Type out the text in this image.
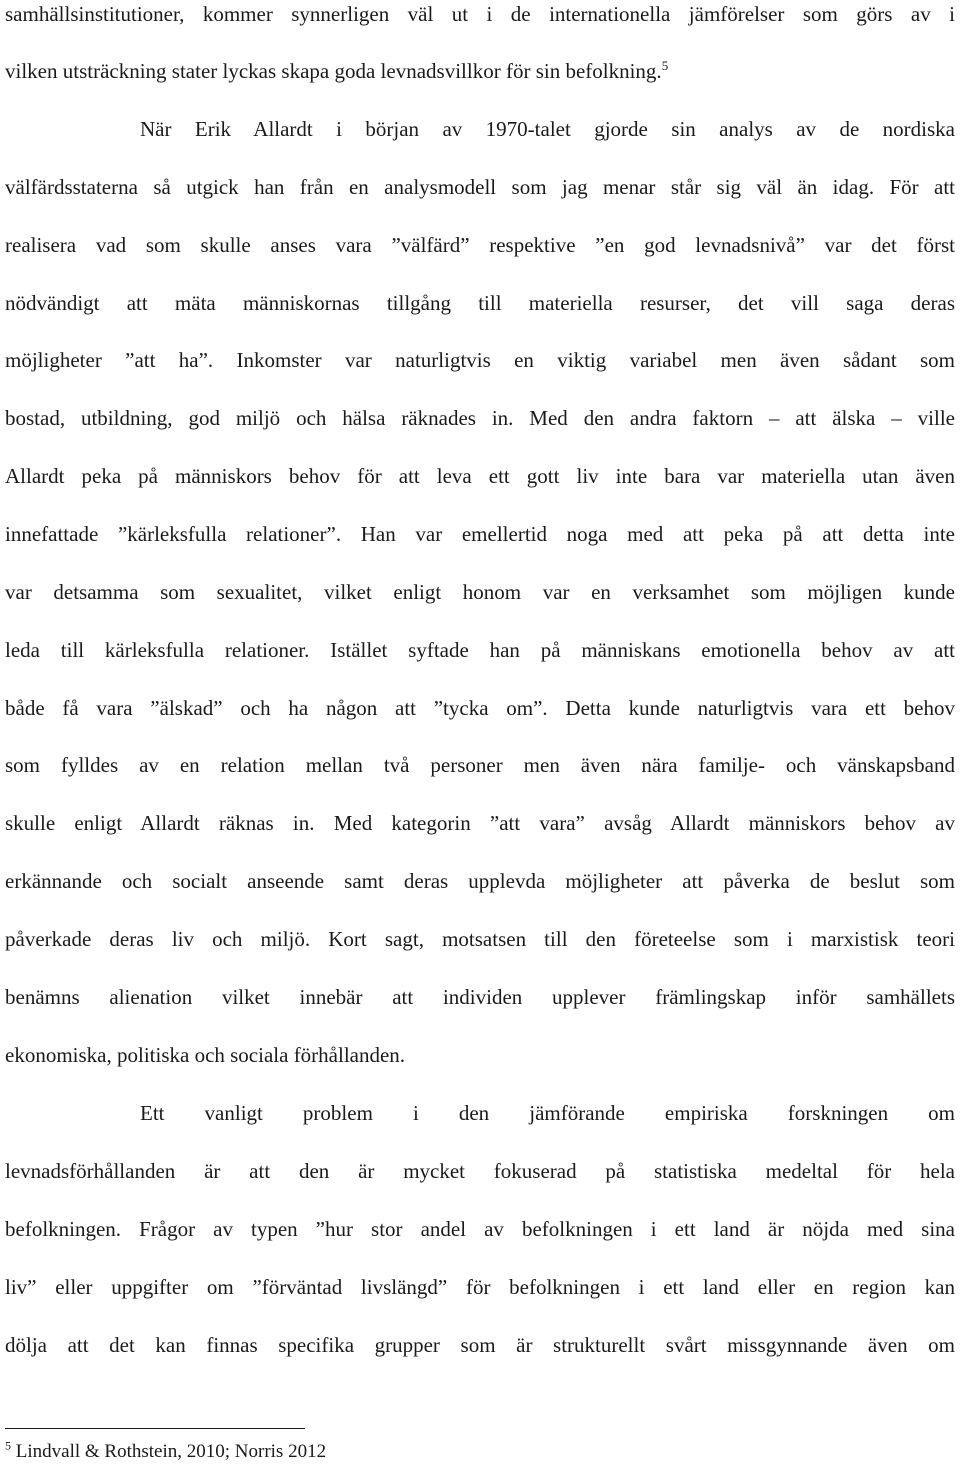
samhällsinstitutioner, kommer synnerligen väl ut i de internationella jämförelser som görs av i
vilken utsträckning stater lyckas skapa goda levnadsvillkor för sin befolkning.$^5$
När Erik Allardt i början av 1970-talet gjorde sin analys av de nordiska
välfärdsstaterna så utgick han från en analysmodell som jag menar står sig väl än idag. För att
realisera vad som skulle anses vara ”välfärd” respektive ”en god levnadsnivå” var det först
nödvändigt att mäta människornas tillgång till materiella resurser, det vill saga deras
möjligheter ”att ha”. Inkomster var naturligtvis en viktig variabel men även sådant som
bostad, utbildning, god miljö och hälsa räknades in. Med den andra faktorn – att älska – ville
Allardt peka på människors behov för att leva ett gott liv inte bara var materiella utan även
innefattade ”kärleksfulla relationer”. Han var emellertid noga med att peka på att detta inte
var detsamma som sexualitet, vilket enligt honom var en verksamhet som möjligen kunde
leda till kärleksfulla relationer. Istället syftade han på människans emotionella behov av att
både få vara ”älskad” och ha någon att ”tycka om”. Detta kunde naturligtvis vara ett behov
som fylldes av en relation mellan två personer men även nära familje- och vänskapsband
skulle enligt Allardt räknas in. Med kategorin ”att vara” avsåg Allardt människors behov av
erkännande och socialt anseende samt deras upplevda möjligheter att påverka de beslut som
påverkade deras liv och miljö. Kort sagt, motsatsen till den företeelse som i marxistisk teori
benämns alienation vilket innebär att individen upplever främlingskap inför samhällets
ekonomiska, politiska och sociala förhållanden.
Ett vanligt problem i den jämförande empiriska forskningen om
levnadsförhållanden är att den är mycket fokuserad på statistiska medeltal för hela
befolkningen. Frågor av typen ”hur stor andel av befolkningen i ett land är nöjda med sina
liv” eller uppgifter om ”förväntad livslängd” för befolkningen i ett land eller en region kan
dölja att det kan finnas specifika grupper som är strukturellt svårt missgynnande även om
$^5$ Lindvall & Rothstein, 2010; Norris 2012
